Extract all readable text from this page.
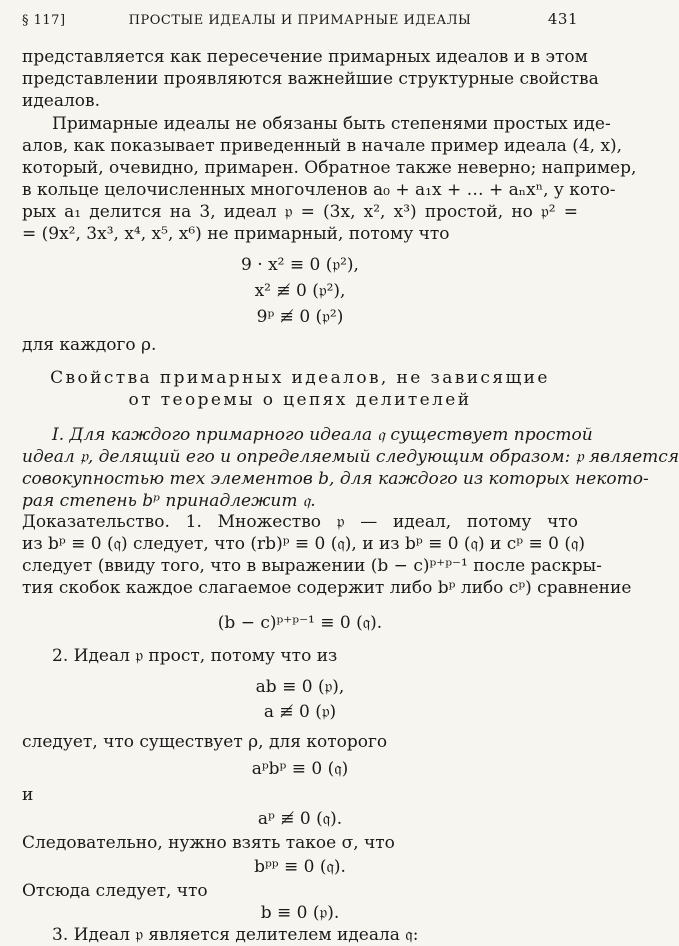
§ 117]	ПРОСТЫЕ ИДЕАЛЫ И ПРИМАРНЫЕ ИДЕАЛЫ	431
представляется как пересечение примарных идеалов и в этом
представлении проявляются важнейшие структурные свойства
идеалов.
Примарные идеалы не обязаны быть степенями простых иде-
алов, как показывает приведенный в начале пример идеала (4, x),
который, очевидно, примарен. Обратное также неверно; например,
в кольце целочисленных многочленов a₀ + a₁x + … + aₙxⁿ, у кото-
рых a₁ делится на 3, идеал 𝔭 = (3x, x², x³) простой, но 𝔭² =
= (9x², 3x³, x⁴, x⁵, x⁶) не примарный, потому что
9 · x² ≡ 0 (𝔭²),
x² ≢ 0 (𝔭²),
9ᵖ ≢ 0 (𝔭²)
для каждого ρ.
Свойства примарных идеалов, не зависящие
от теоремы о цепях делителей
I. Для каждого примарного идеала 𝔮 существует простой
идеал 𝔭, делящий его и определяемый следующим образом: 𝔭 является
совокупностью тех элементов b, для каждого из которых некото-
рая степень bᵖ принадлежит 𝔮.
Доказательство. 1. Множество 𝔭 — идеал, потому что
из bᵖ ≡ 0 (𝔮) следует, что (rb)ᵖ ≡ 0 (𝔮), и из bᵖ ≡ 0 (𝔮) и cᵖ ≡ 0 (𝔮)
следует (ввиду того, что в выражении (b − c)ᵖ⁺ᵖ⁻¹ после раскры-
тия скобок каждое слагаемое содержит либо bᵖ либо cᵖ) сравнение
(b − c)ᵖ⁺ᵖ⁻¹ ≡ 0 (𝔮).
2. Идеал 𝔭 прост, потому что из
ab ≡ 0 (𝔭),
a ≢ 0 (𝔭)
следует, что существует ρ, для которого
aᵖbᵖ ≡ 0 (𝔮)
и
aᵖ ≢ 0 (𝔮).
Следовательно, нужно взять такое σ, что
bᵖᵖ ≡ 0 (𝔮).
Отсюда следует, что
b ≡ 0 (𝔭).
3. Идеал 𝔭 является делителем идеала 𝔮:
